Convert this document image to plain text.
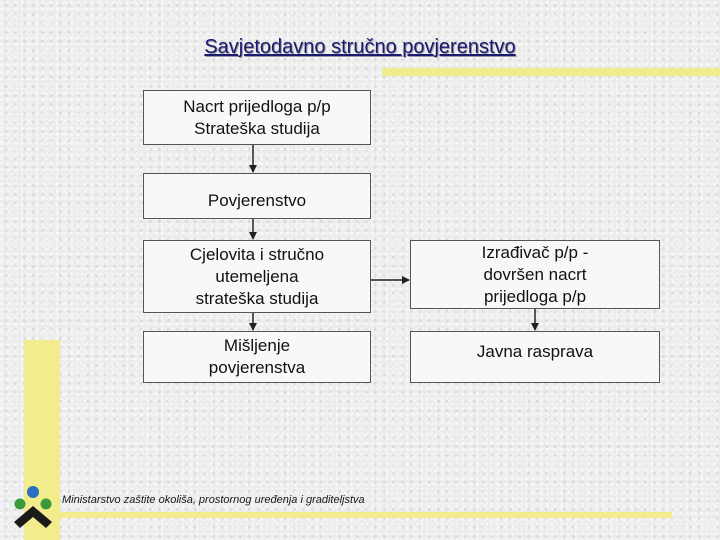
Savjetodavno stručno povjerenstvo
Nacrt prijedloga p/p
Strateška studija
Povjerenstvo
Cjelovita i stručno
utemeljena
strateška studija
Mišljenje
povjerenstva
Izrađivač p/p -
dovršen nacrt
prijedloga p/p
Javna rasprava
Ministarstvo zaštite okoliša, prostornog uređenja i graditeljstva
